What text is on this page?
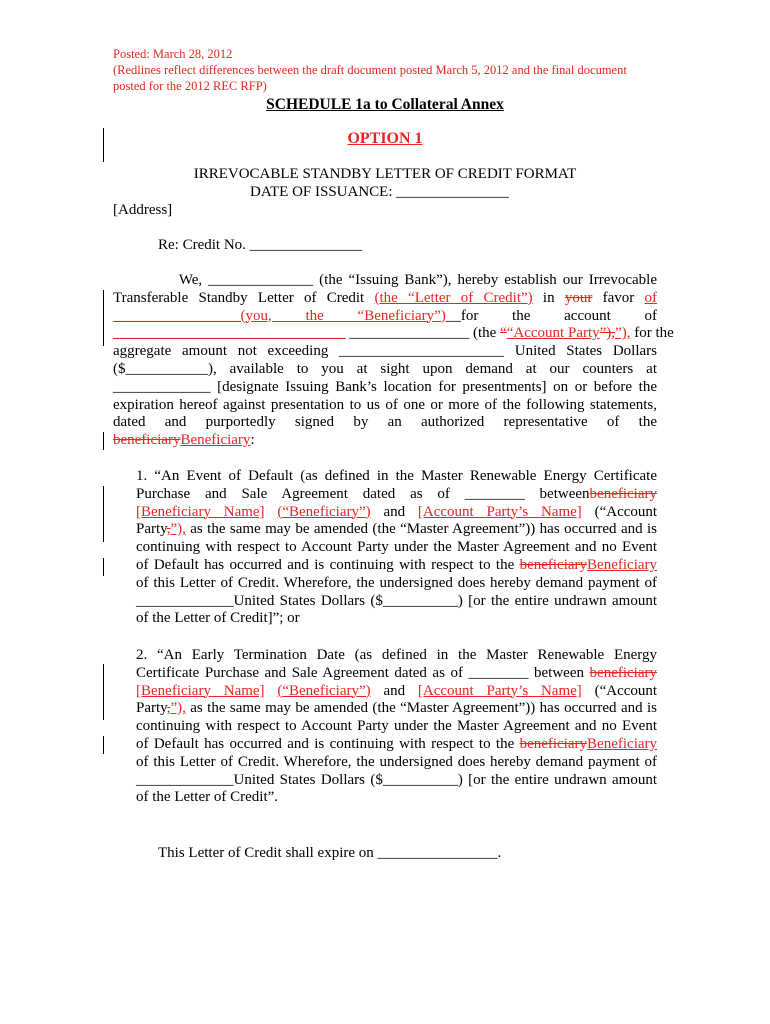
Posted: March 28, 2012
(Redlines reflect differences between the draft document posted March 5, 2012 and the final document
posted for the 2012 REC RFP)
SCHEDULE 1a to Collateral Annex
OPTION 1
IRREVOCABLE STANDBY LETTER OF CREDIT FORMAT
DATE OF ISSUANCE: _______________
[Address]
Re: Credit No. _______________
We, ______________ (the “Issuing Bank”), hereby establish our Irrevocable
Transferable Standby Letter of Credit (the “Letter of Credit”) in your favor of
_________________(you, the “Beneficiary”)__for the account of
_______________________________ ________________ (the ““Account Party”),”), for the
aggregate amount not exceeding ______________________ United States Dollars
($___________), available to you at sight upon demand at our counters at
_____________ [designate Issuing Bank’s location for presentments] on or before the
expiration hereof against presentation to us of one or more of the following statements,
dated and purportedly signed by an authorized representative of the
beneficiaryBeneficiary:
1. “An Event of Default (as defined in the Master Renewable Energy Certificate
Purchase and Sale Agreement dated as of ________ betweenbeneficiary
[Beneficiary Name] (“Beneficiary”) and [Account Party’s Name] (“Account
Party,”), as the same may be amended (the “Master Agreement”)) has occurred and is
continuing with respect to Account Party under the Master Agreement and no Event
of Default has occurred and is continuing with respect to the beneficiaryBeneficiary
of this Letter of Credit. Wherefore, the undersigned does hereby demand payment of
_____________United States Dollars ($__________) [or the entire undrawn amount
of the Letter of Credit]”; or
2. “An Early Termination Date (as defined in the Master Renewable Energy
Certificate Purchase and Sale Agreement dated as of ________ between beneficiary
[Beneficiary Name] (“Beneficiary”) and [Account Party’s Name] (“Account
Party,”), as the same may be amended (the “Master Agreement”)) has occurred and is
continuing with respect to Account Party under the Master Agreement and no Event
of Default has occurred and is continuing with respect to the beneficiaryBeneficiary
of this Letter of Credit. Wherefore, the undersigned does hereby demand payment of
_____________United States Dollars ($__________) [or the entire undrawn amount
of the Letter of Credit”.
This Letter of Credit shall expire on ________________.
